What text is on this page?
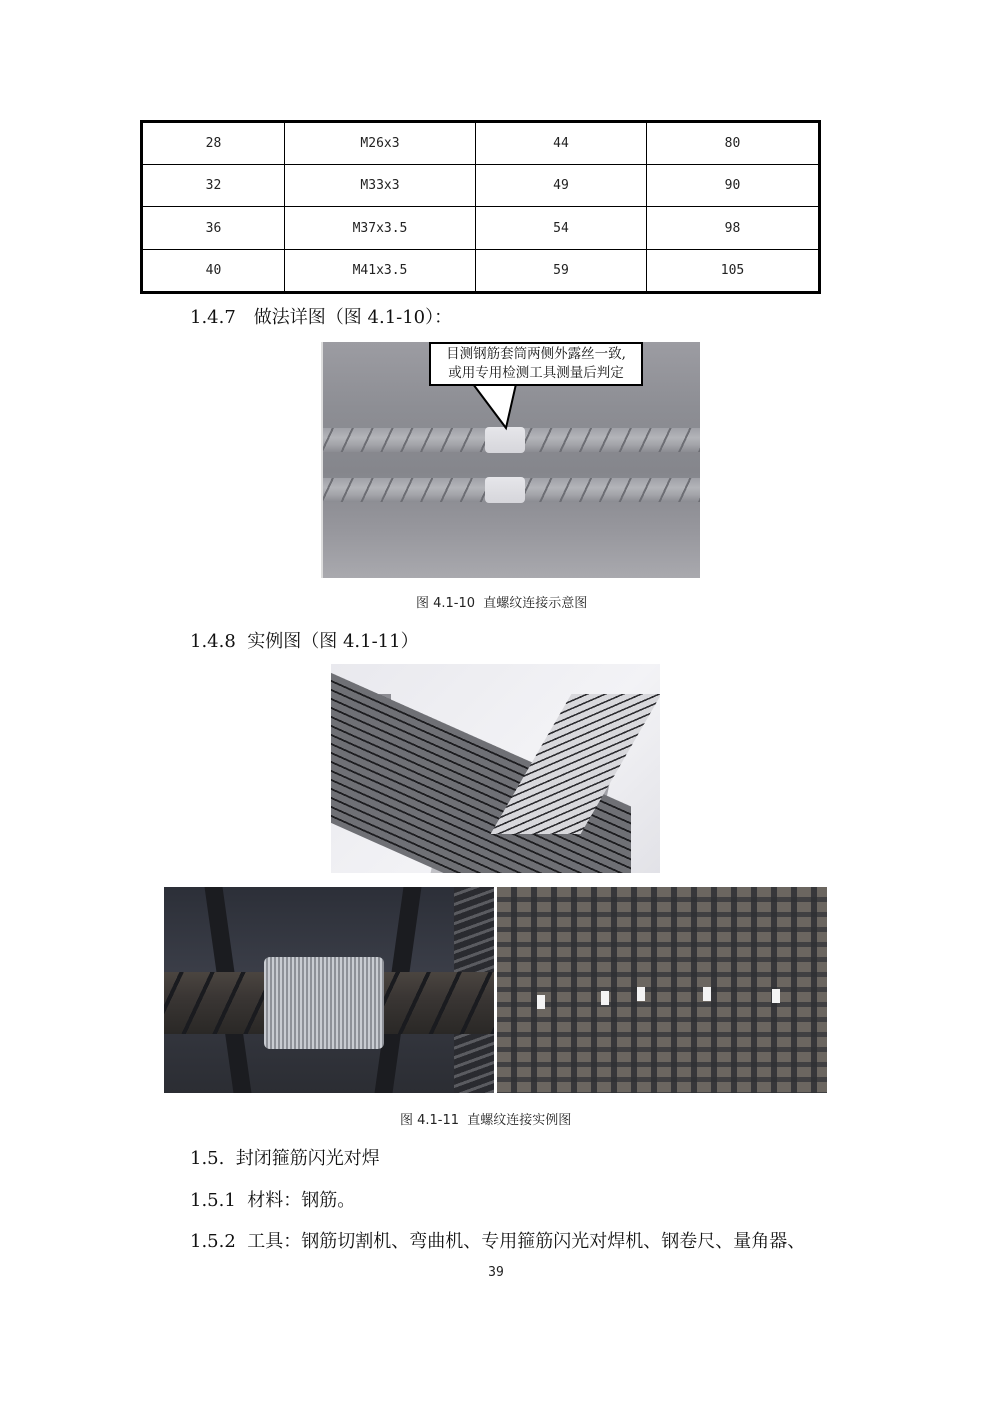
28	M26x3	44	80
32	M33x3	49	90
36	M37x3.5	54	98
40	M41x3.5	59	105
1.4.7　做法详图（图 4.1-10）：
目测钢筋套筒两侧外露丝一致,
或用专用检测工具测量后判定
图 4.1-10  直螺纹连接示意图
1.4.8  实例图（图 4.1-11）
图 4.1-11  直螺纹连接实例图
1.5.  封闭箍筋闪光对焊
1.5.1  材料：钢筋。
1.5.2  工具：钢筋切割机、弯曲机、专用箍筋闪光对焊机、钢卷尺、量角器、
39
